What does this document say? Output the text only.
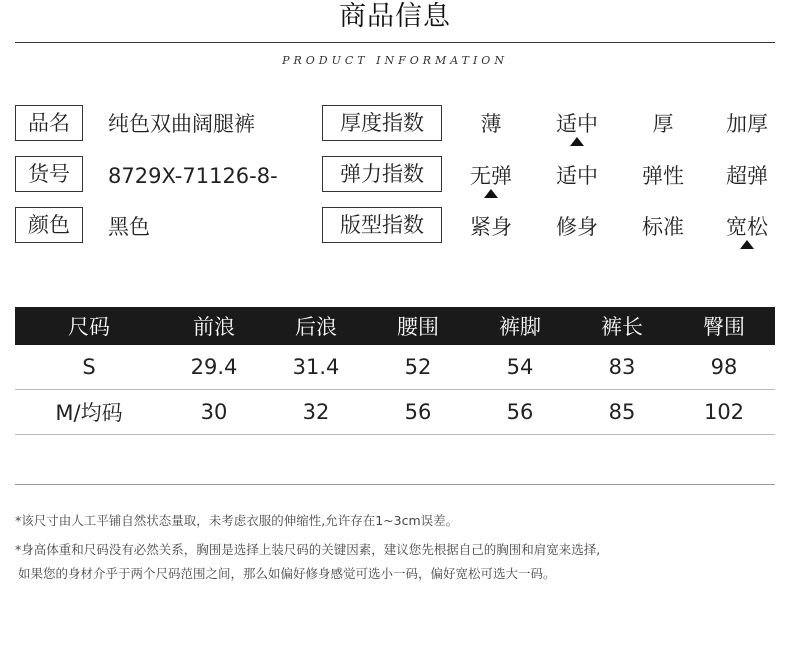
商品信息
PRODUCT INFORMATION
品名	纯色双曲阔腿裤
货号	8729X-71126-8-
颜色	黑色
厚度指数	薄	适中	厚	加厚
弹力指数	无弹	适中	弹性	超弹
版型指数	紧身	修身	标准	宽松
尺码	前浪	后浪	腰围	裤脚	裤长	臀围
S	29.4	31.4	52	54	83	98
M/均码	30	32	56	56	85	102
*该尺寸由人工平铺自然状态量取，未考虑衣服的伸缩性,允许存在1~3cm误差。
*身高体重和尺码没有必然关系，胸围是选择上装尺码的关键因素，建议您先根据自己的胸围和肩宽来选择,
如果您的身材介乎于两个尺码范围之间，那么如偏好修身感觉可选小一码，偏好宽松可选大一码。
